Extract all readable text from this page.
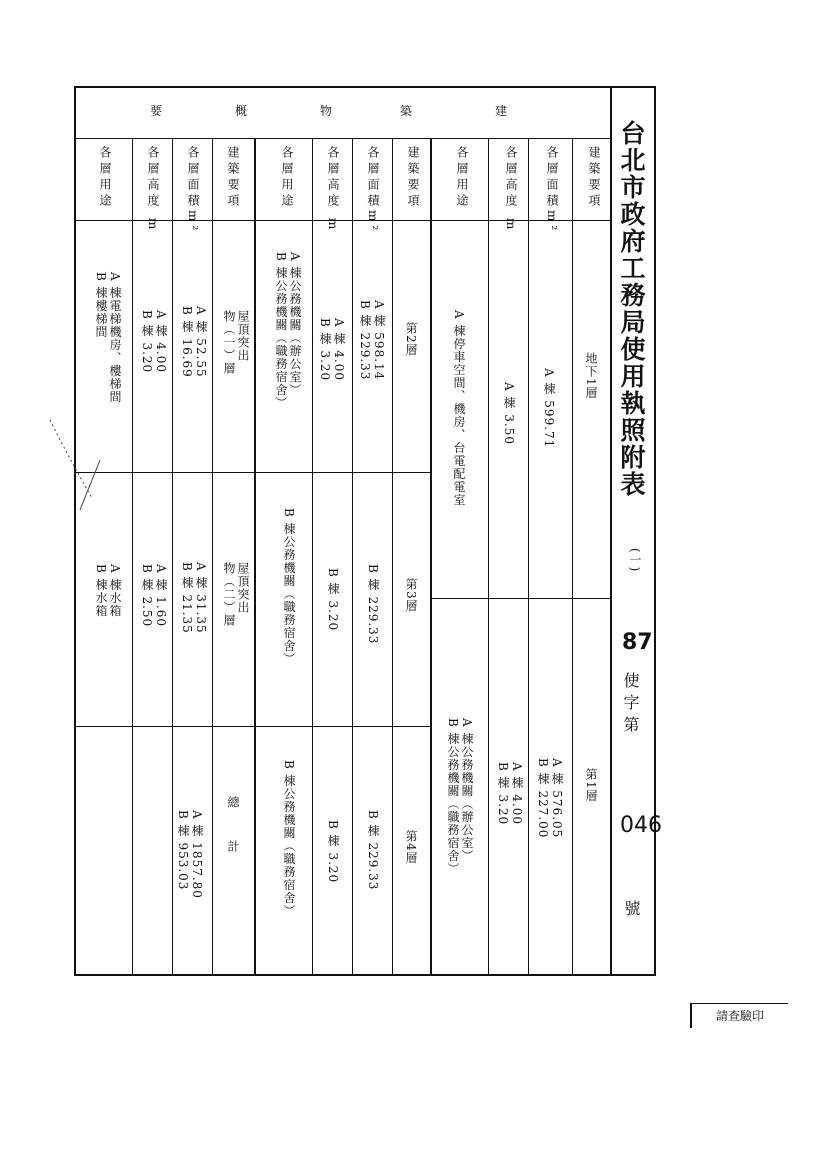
台北市政府工務局使用執照附表
(一)
87
使字第
046
號
建
築
物
概
要
建築要項
各層面積m²
各層高度 m
各層用途
建築要項
各層面積m²
各層高度 m
各層用途
建築要項
各層面積m²
各層高度 m
各層用途
地下1層
A 棟 599.71
A 棟 3.50
A 棟停車空間、機房、台電配電室
第1層
A 棟 576.05
B 棟 227.00
A 棟 4.00
B 棟 3.20
A 棟公務機關（辦公室）
B 棟公務機關（職務宿舍）
第2層
A 棟 598.14
B 棟 229.33
A 棟 4.00
B 棟 3.20
A 棟公務機關（辦公室）
B 棟公務機關（職務宿舍）
第3層
B 棟 229.33
B 棟 3.20
B 棟公務機關（職務宿舍）
第4層
B 棟 229.33
B 棟 3.20
B 棟公務機關（職務宿舍）
屋頂突出
物（一）層
A 棟 52.55
B 棟 16.69
A 棟 4.00
B 棟 3.20
A 棟電梯機房、樓梯間
B 棟樓梯間
屋頂突出
物（二）層
A 棟 31.35
B 棟 21.35
A 棟 1.60
B 棟 2.50
A 棟水箱
B 棟水箱
總　計
A 棟 1857.80
B 棟 953.03
請查驗印
